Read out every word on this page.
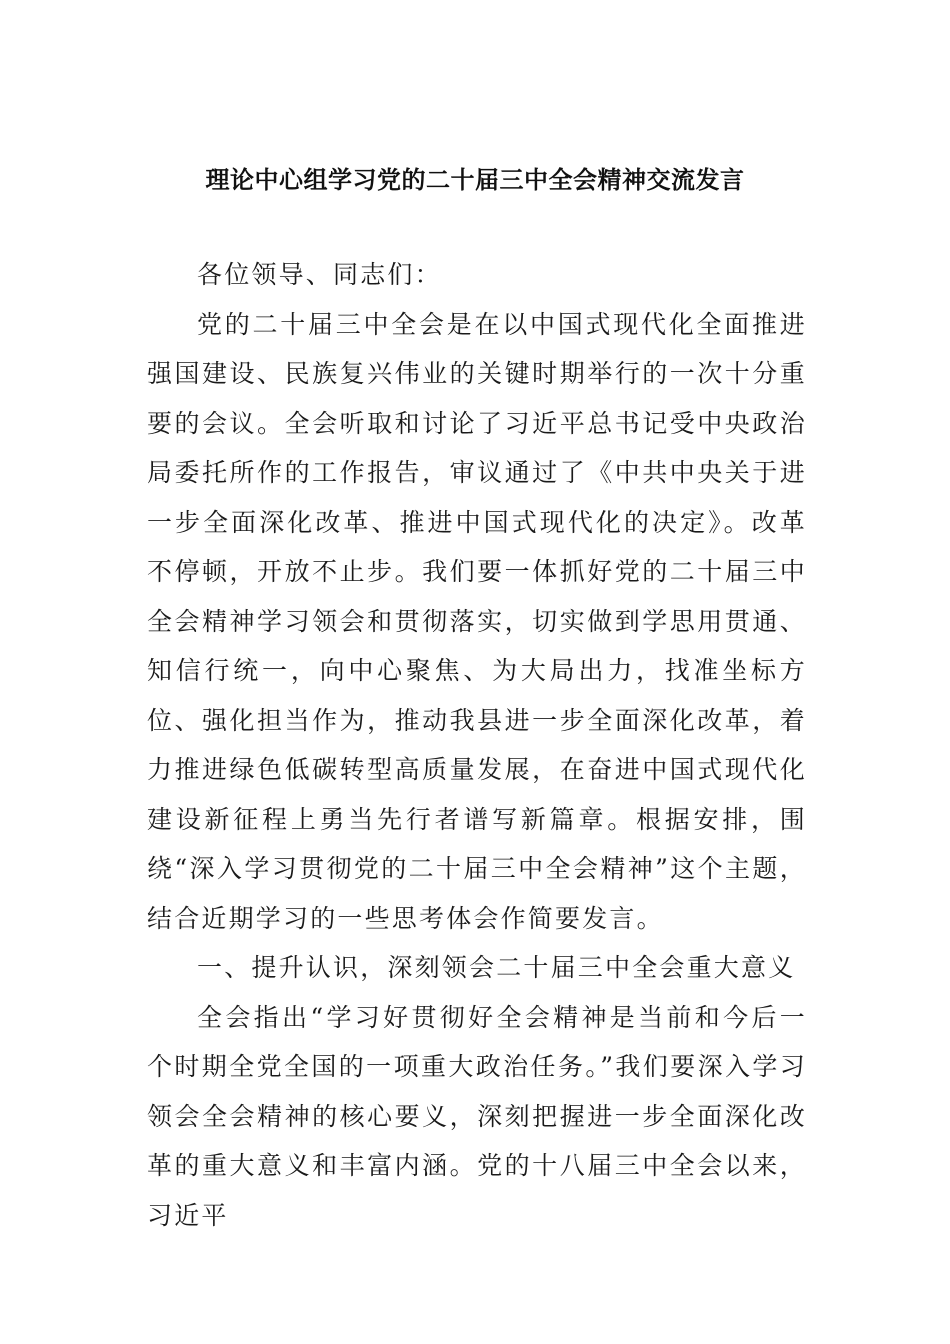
理论中心组学习党的二十届三中全会精神交流发言

各位领导、同志们：

党的二十届三中全会是在以中国式现代化全面推进强国建设、民族复兴伟业的关键时期举行的一次十分重要的会议。全会听取和讨论了习近平总书记受中央政治局委托所作的工作报告，审议通过了《中共中央关于进一步全面深化改革、推进中国式现代化的决定》。改革不停顿，开放不止步。我们要一体抓好党的二十届三中全会精神学习领会和贯彻落实，切实做到学思用贯通、知信行统一，向中心聚焦、为大局出力，找准坐标方位、强化担当作为，推动我县进一步全面深化改革，着力推进绿色低碳转型高质量发展，在奋进中国式现代化建设新征程上勇当先行者谱写新篇章。根据安排，围绕“深入学习贯彻党的二十届三中全会精神”这个主题，结合近期学习的一些思考体会作简要发言。

一、提升认识，深刻领会二十届三中全会重大意义

全会指出“学习好贯彻好全会精神是当前和今后一个时期全党全国的一项重大政治任务。”我们要深入学习领会全会精神的核心要义，深刻把握进一步全面深化改革的重大意义和丰富内涵。党的十八届三中全会以来，习近平
